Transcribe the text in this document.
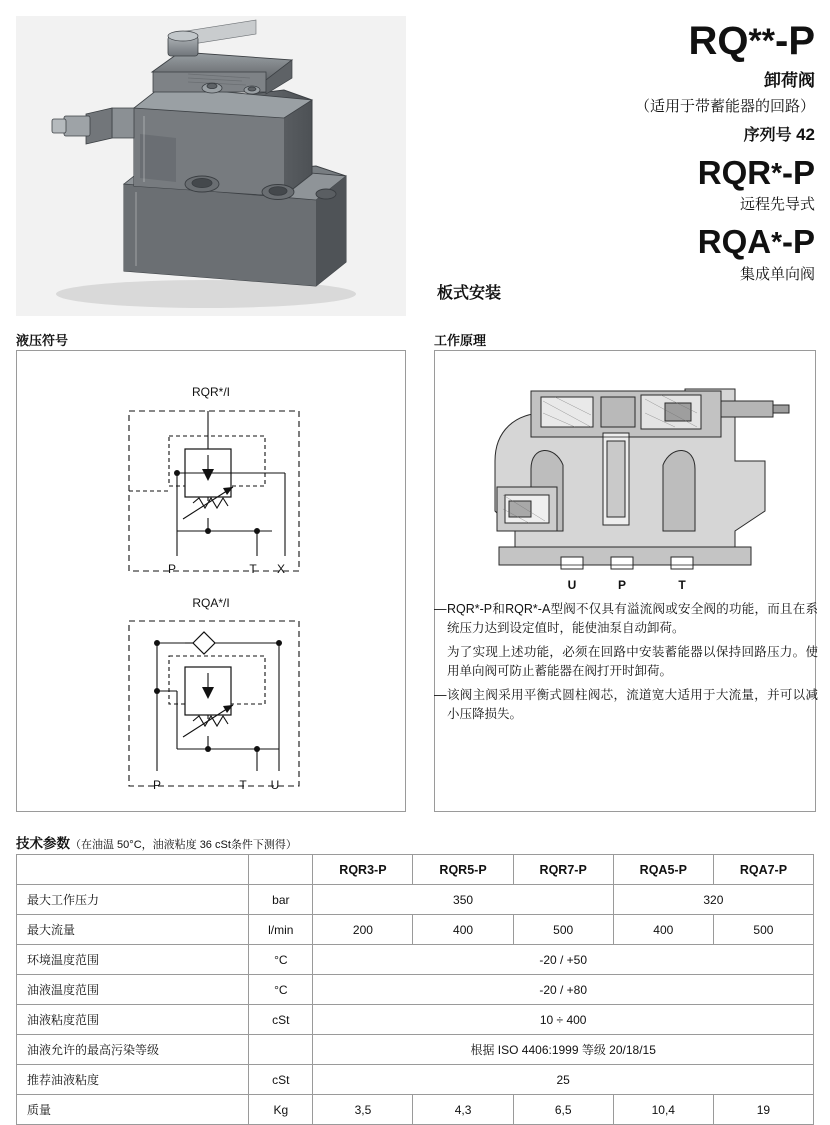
RQ**-P
卸荷阀
（适用于带蓄能器的回路）
序列号 42
RQR*-P
远程先导式
RQA*-P
集成单向阀
板式安装
液压符号	工作原理
P	T X
P	T U
RQR*/I
RQA*/I
U	P	T
— RQR*-P和RQR*-A型阀不仅具有溢流阀或安全阀的功能，而且在系统压力达到设定值时，能使油泵自动卸荷。
为了实现上述功能，必须在回路中安装蓄能器以保持回路压力。使用单向阀可防止蓄能器在阀打开时卸荷。
— 该阀主阀采用平衡式圆柱阀芯，流道宽大适用于大流量，并可以减小压降损失。
技术参数（在油温 50°C，油液粘度 36 cSt条件下测得）
		RQR3-P	RQR5-P	RQR7-P	RQA5-P	RQA7-P
最大工作压力	bar	350			320	
最大流量	l/min	200	400	500	400	500
环境温度范围	°C	-20 / +50				
油液温度范围	°C	-20 / +80				
油液粘度范围	cSt	10 ÷ 400				
油液允许的最高污染等级		根据 ISO 4406:1999 等级 20/18/15				
推荐油液粘度	cSt	25				
质量	Kg	3,5	4,3	6,5	10,4	19
